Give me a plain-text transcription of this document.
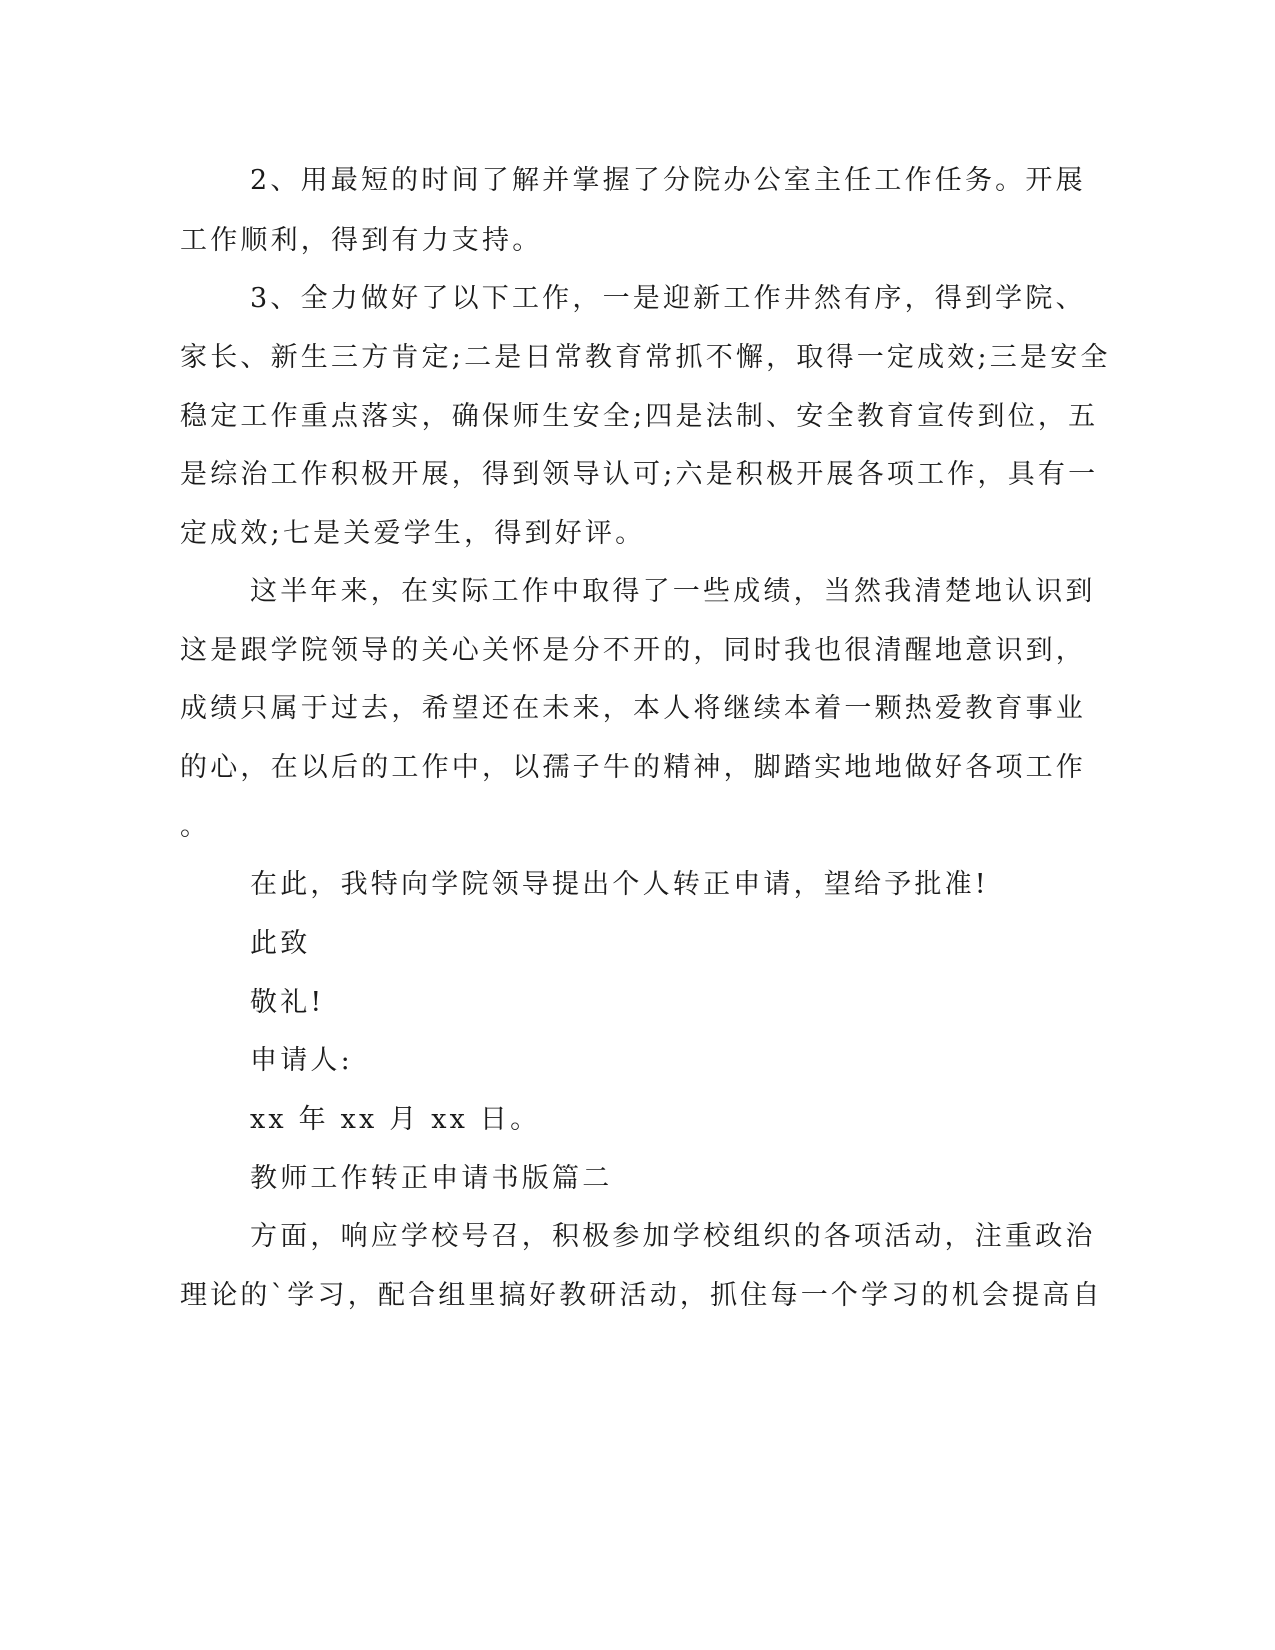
2、用最短的时间了解并掌握了分院办公室主任工作任务。开展
工作顺利，得到有力支持。
3、全力做好了以下工作，一是迎新工作井然有序，得到学院、
家长、新生三方肯定;二是日常教育常抓不懈，取得一定成效;三是安全
稳定工作重点落实，确保师生安全;四是法制、安全教育宣传到位，五
是综治工作积极开展，得到领导认可;六是积极开展各项工作，具有一
定成效;七是关爱学生，得到好评。
这半年来，在实际工作中取得了一些成绩，当然我清楚地认识到
这是跟学院领导的关心关怀是分不开的，同时我也很清醒地意识到，
成绩只属于过去，希望还在未来，本人将继续本着一颗热爱教育事业
的心，在以后的工作中，以孺子牛的精神，脚踏实地地做好各项工作
。
在此，我特向学院领导提出个人转正申请，望给予批准!
此致
敬礼!
申请人:
xx 年 xx 月 xx 日。
教师工作转正申请书版篇二
方面，响应学校号召，积极参加学校组织的各项活动，注重政治
理论的`学习，配合组里搞好教研活动，抓住每一个学习的机会提高自
